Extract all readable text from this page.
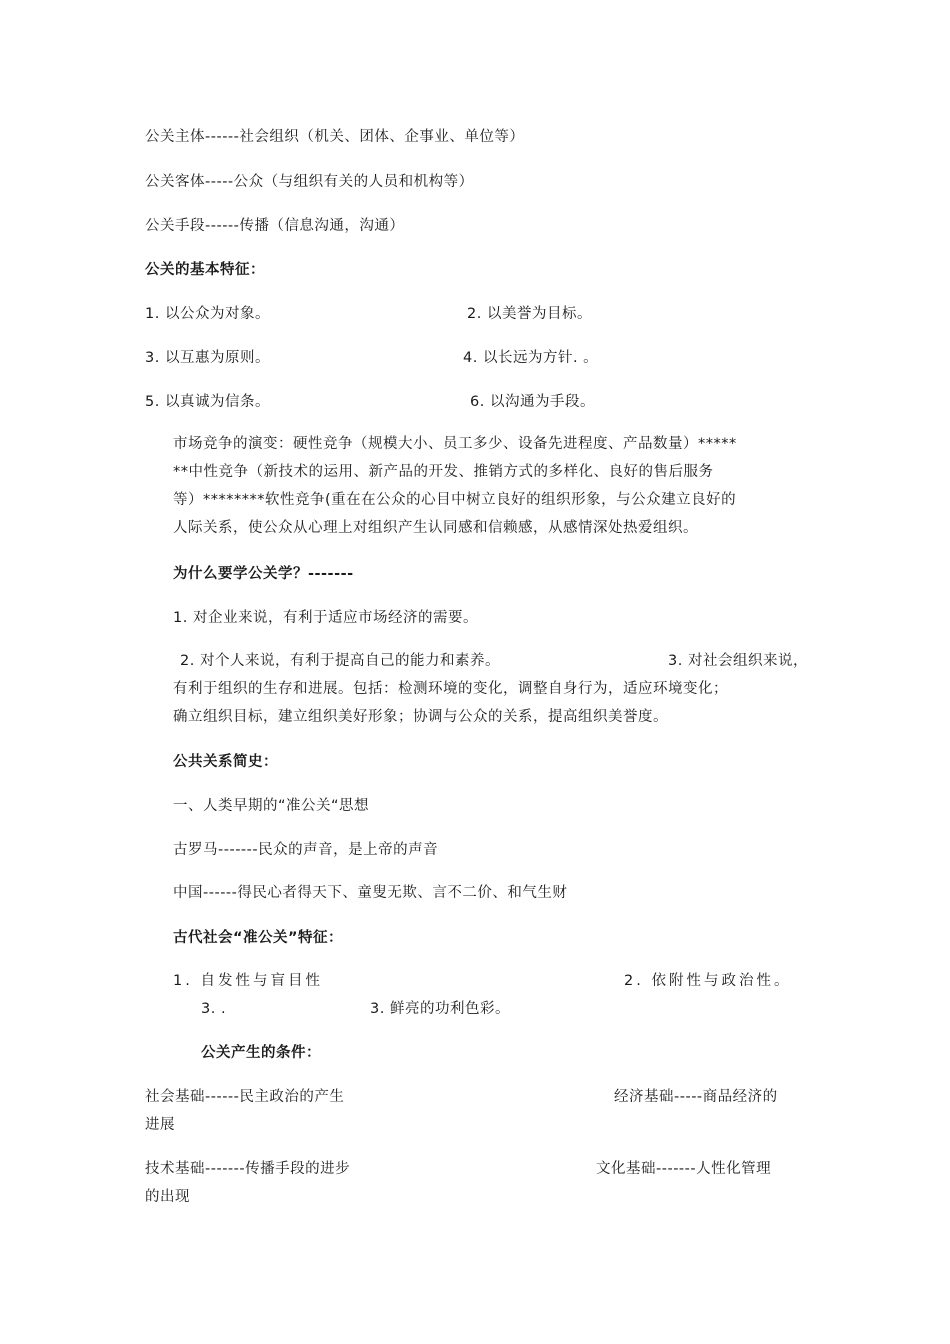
公关主体------社会组织（机关、团体、企事业、单位等）
公关客体-----公众（与组织有关的人员和机构等）
公关手段------传播（信息沟通，沟通）
公关的基本特征：
1. 以公众为对象。	2. 以美誉为目标。
3. 以互惠为原则。	4. 以长远为方针. 。
5. 以真诚为信条。	6. 以沟通为手段。
市场竞争的演变：硬性竞争（规模大小、员工多少、设备先进程度、产品数量）*****
**中性竞争（新技术的运用、新产品的开发、推销方式的多样化、良好的售后服务
等）********软性竞争(重在在公众的心目中树立良好的组织形象，与公众建立良好的
人际关系，使公众从心理上对组织产生认同感和信赖感，从感情深处热爱组织。
为什么要学公关学？-------
1. 对企业来说，有利于适应市场经济的需要。
2. 对个人来说，有利于提高自己的能力和素养。	3. 对社会组织来说，
有利于组织的生存和进展。包括：检测环境的变化，调整自身行为，适应环境变化；
确立组织目标，建立组织美好形象；协调与公众的关系，提高组织美誉度。
公共关系简史：
一、人类早期的“准公关“思想
古罗马-------民众的声音，是上帝的声音
中国------得民心者得天下、童叟无欺、言不二价、和气生财
古代社会“准公关”特征：
1. 自发性与盲目性	2. 依附性与政治性。
3. .	3. 鲜亮的功利色彩。
公关产生的条件：
社会基础------民主政治的产生	经济基础-----商品经济的
进展
技术基础-------传播手段的进步	文化基础-------人性化管理
的出现
